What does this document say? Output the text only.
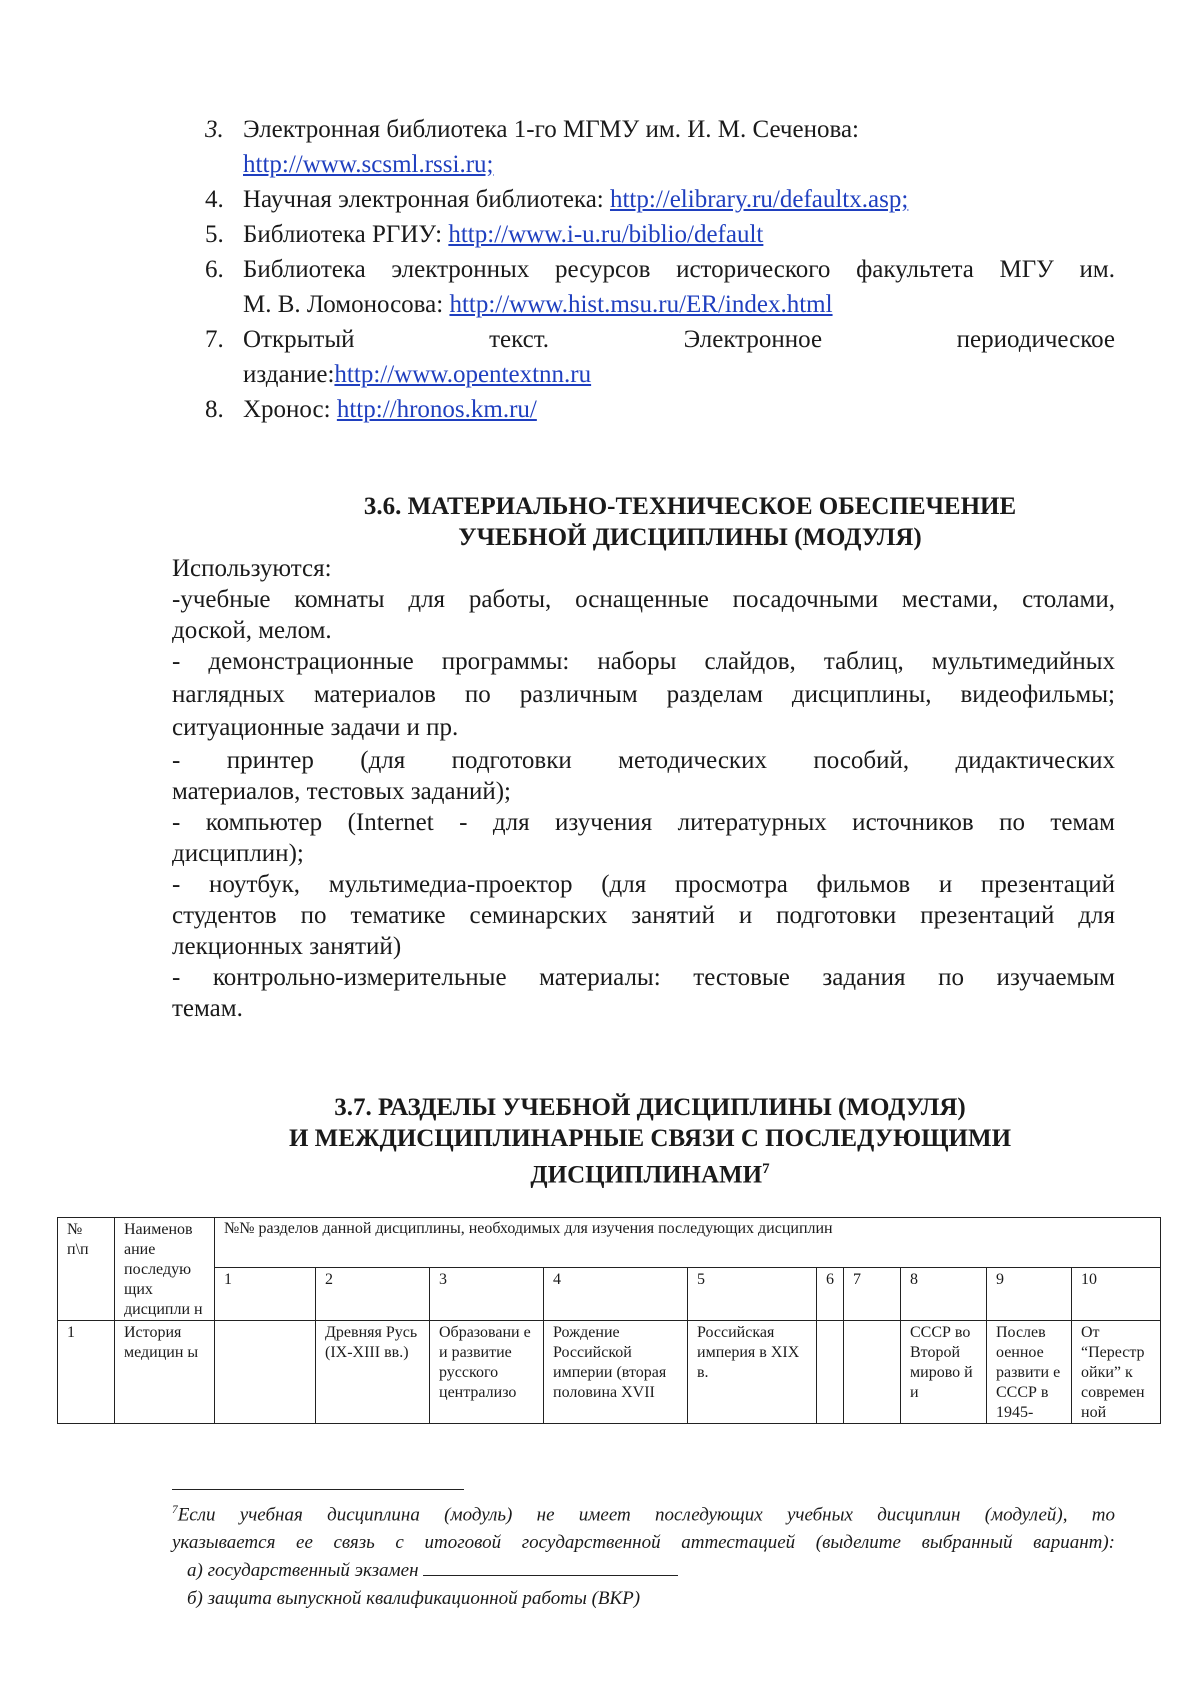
3. Электронная библиотека 1-го МГМУ им. И. М. Сеченова:
http://www.scsml.rssi.ru;
4. Научная электронная библиотека: http://elibrary.ru/defaultx.asp;
5. Библиотека РГИУ: http://www.i-u.ru/biblio/default
6. Библиотека электронных ресурсов исторического факультета МГУ им.
М. В. Ломоносова: http://www.hist.msu.ru/ER/index.html
7. Открытый текст. Электронное периодическое
издание:http://www.opentextnn.ru
8. Хронос: http://hronos.km.ru/
3.6. МАТЕРИАЛЬНО-ТЕХНИЧЕСКОЕ ОБЕСПЕЧЕНИЕ
УЧЕБНОЙ ДИСЦИПЛИНЫ (МОДУЛЯ)
Используются:
-учебные комнаты для работы, оснащенные посадочными местами, столами,
доской, мелом.
- демонстрационные программы: наборы слайдов, таблиц, мультимедийных
наглядных материалов по различным разделам дисциплины, видеофильмы;
ситуационные задачи и пр.
- принтер (для подготовки методических пособий, дидактических
материалов, тестовых заданий);
- компьютер (Internet - для изучения литературных источников по темам
дисциплин);
- ноутбук, мультимедиа-проектор (для просмотра фильмов и презентаций
студентов по тематике семинарских занятий и подготовки презентаций для
лекционных занятий)
- контрольно-измерительные материалы: тестовые задания по изучаемым
темам.
3.7. РАЗДЕЛЫ УЧЕБНОЙ ДИСЦИПЛИНЫ (МОДУЛЯ)
И МЕЖДИСЦИПЛИНАРНЫЕ СВЯЗИ С ПОСЛЕДУЮЩИМИ
ДИСЦИПЛИНАМИ$^7$
№ п\п	Наименов ание последую щих дисципли н	№№ разделов данной дисциплины, необходимых для изучения последующих дисциплин									
		1	2	3	4	5	6	7	8	9	10
1	История медицин ы		Древняя Русь (IX-XIII вв.)	Образовани е и развитие русского централизо	Рождение Российской империи (вторая половина XVII	Российская империя в XIX в.			СССР во Второй мирово й и	Послев оенное развити е СССР в 1945-	От “Перестр ойки” к современ ной
$^7$Если учебная дисциплина (модуль) не имеет последующих учебных дисциплин (модулей), то
указывается ее связь с итоговой государственной аттестацией (выделите выбранный вариант):
а) государственный экзамен
б) защита выпускной квалификационной работы (ВКР)
